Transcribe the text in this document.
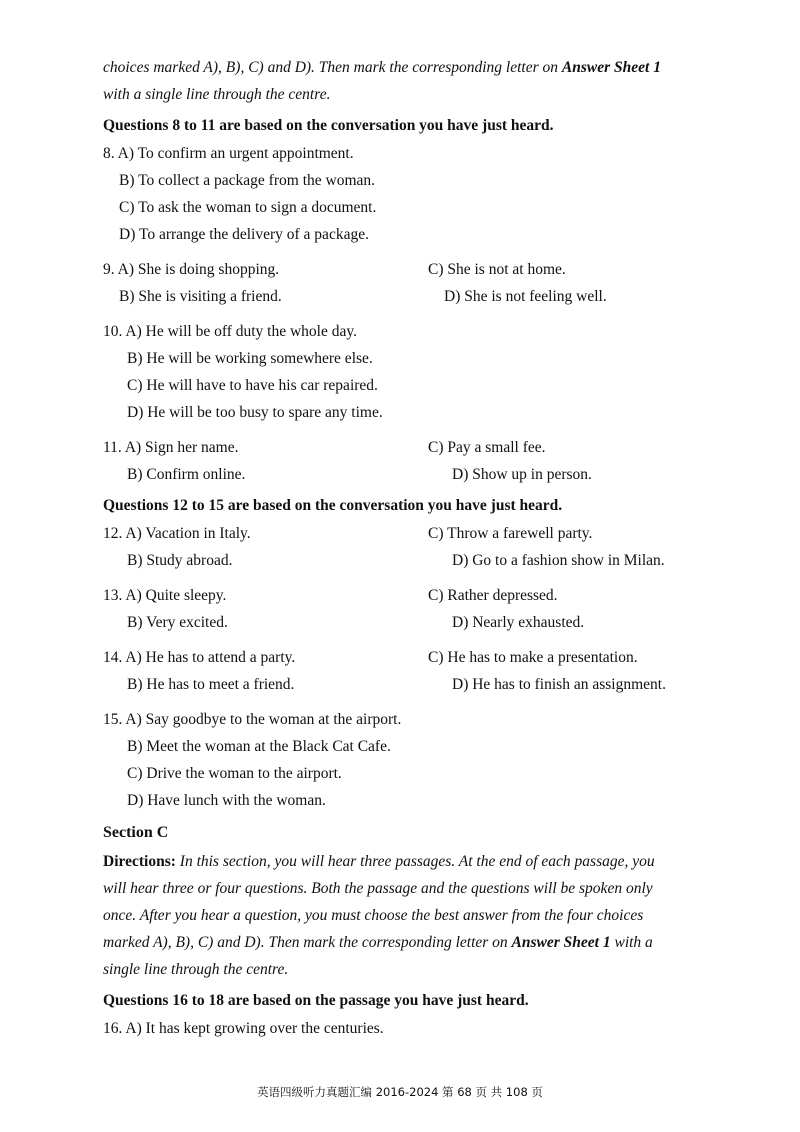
choices marked A), B), C) and D). Then mark the corresponding letter on Answer Sheet 1
with a single line through the centre.
Questions 8 to 11 are based on the conversation you have just heard.
8. A) To confirm an urgent appointment.
B) To collect a package from the woman.
C) To ask the woman to sign a document.
D) To arrange the delivery of a package.
9. A) She is doing shopping.	C) She is not at home.
B) She is visiting a friend.	D) She is not feeling well.
10. A) He will be off duty the whole day.
B) He will be working somewhere else.
C) He will have to have his car repaired.
D) He will be too busy to spare any time.
11. A) Sign her name.	C) Pay a small fee.
B) Confirm online.	D) Show up in person.
Questions 12 to 15 are based on the conversation you have just heard.
12. A) Vacation in Italy.	C) Throw a farewell party.
B) Study abroad.	D) Go to a fashion show in Milan.
13. A) Quite sleepy.	C) Rather depressed.
B) Very excited.	D) Nearly exhausted.
14. A) He has to attend a party.	C) He has to make a presentation.
B) He has to meet a friend.	D) He has to finish an assignment.
15. A) Say goodbye to the woman at the airport.
B) Meet the woman at the Black Cat Cafe.
C) Drive the woman to the airport.
D) Have lunch with the woman.
Section C
Directions: In this section, you will hear three passages. At the end of each passage, you
will hear three or four questions. Both the passage and the questions will be spoken only
once. After you hear a question, you must choose the best answer from the four choices
marked A), B), C) and D). Then mark the corresponding letter on Answer Sheet 1 with a
single line through the centre.
Questions 16 to 18 are based on the passage you have just heard.
16. A) It has kept growing over the centuries.
英语四级听力真题汇编 2016-2024 第 68 页 共 108 页
